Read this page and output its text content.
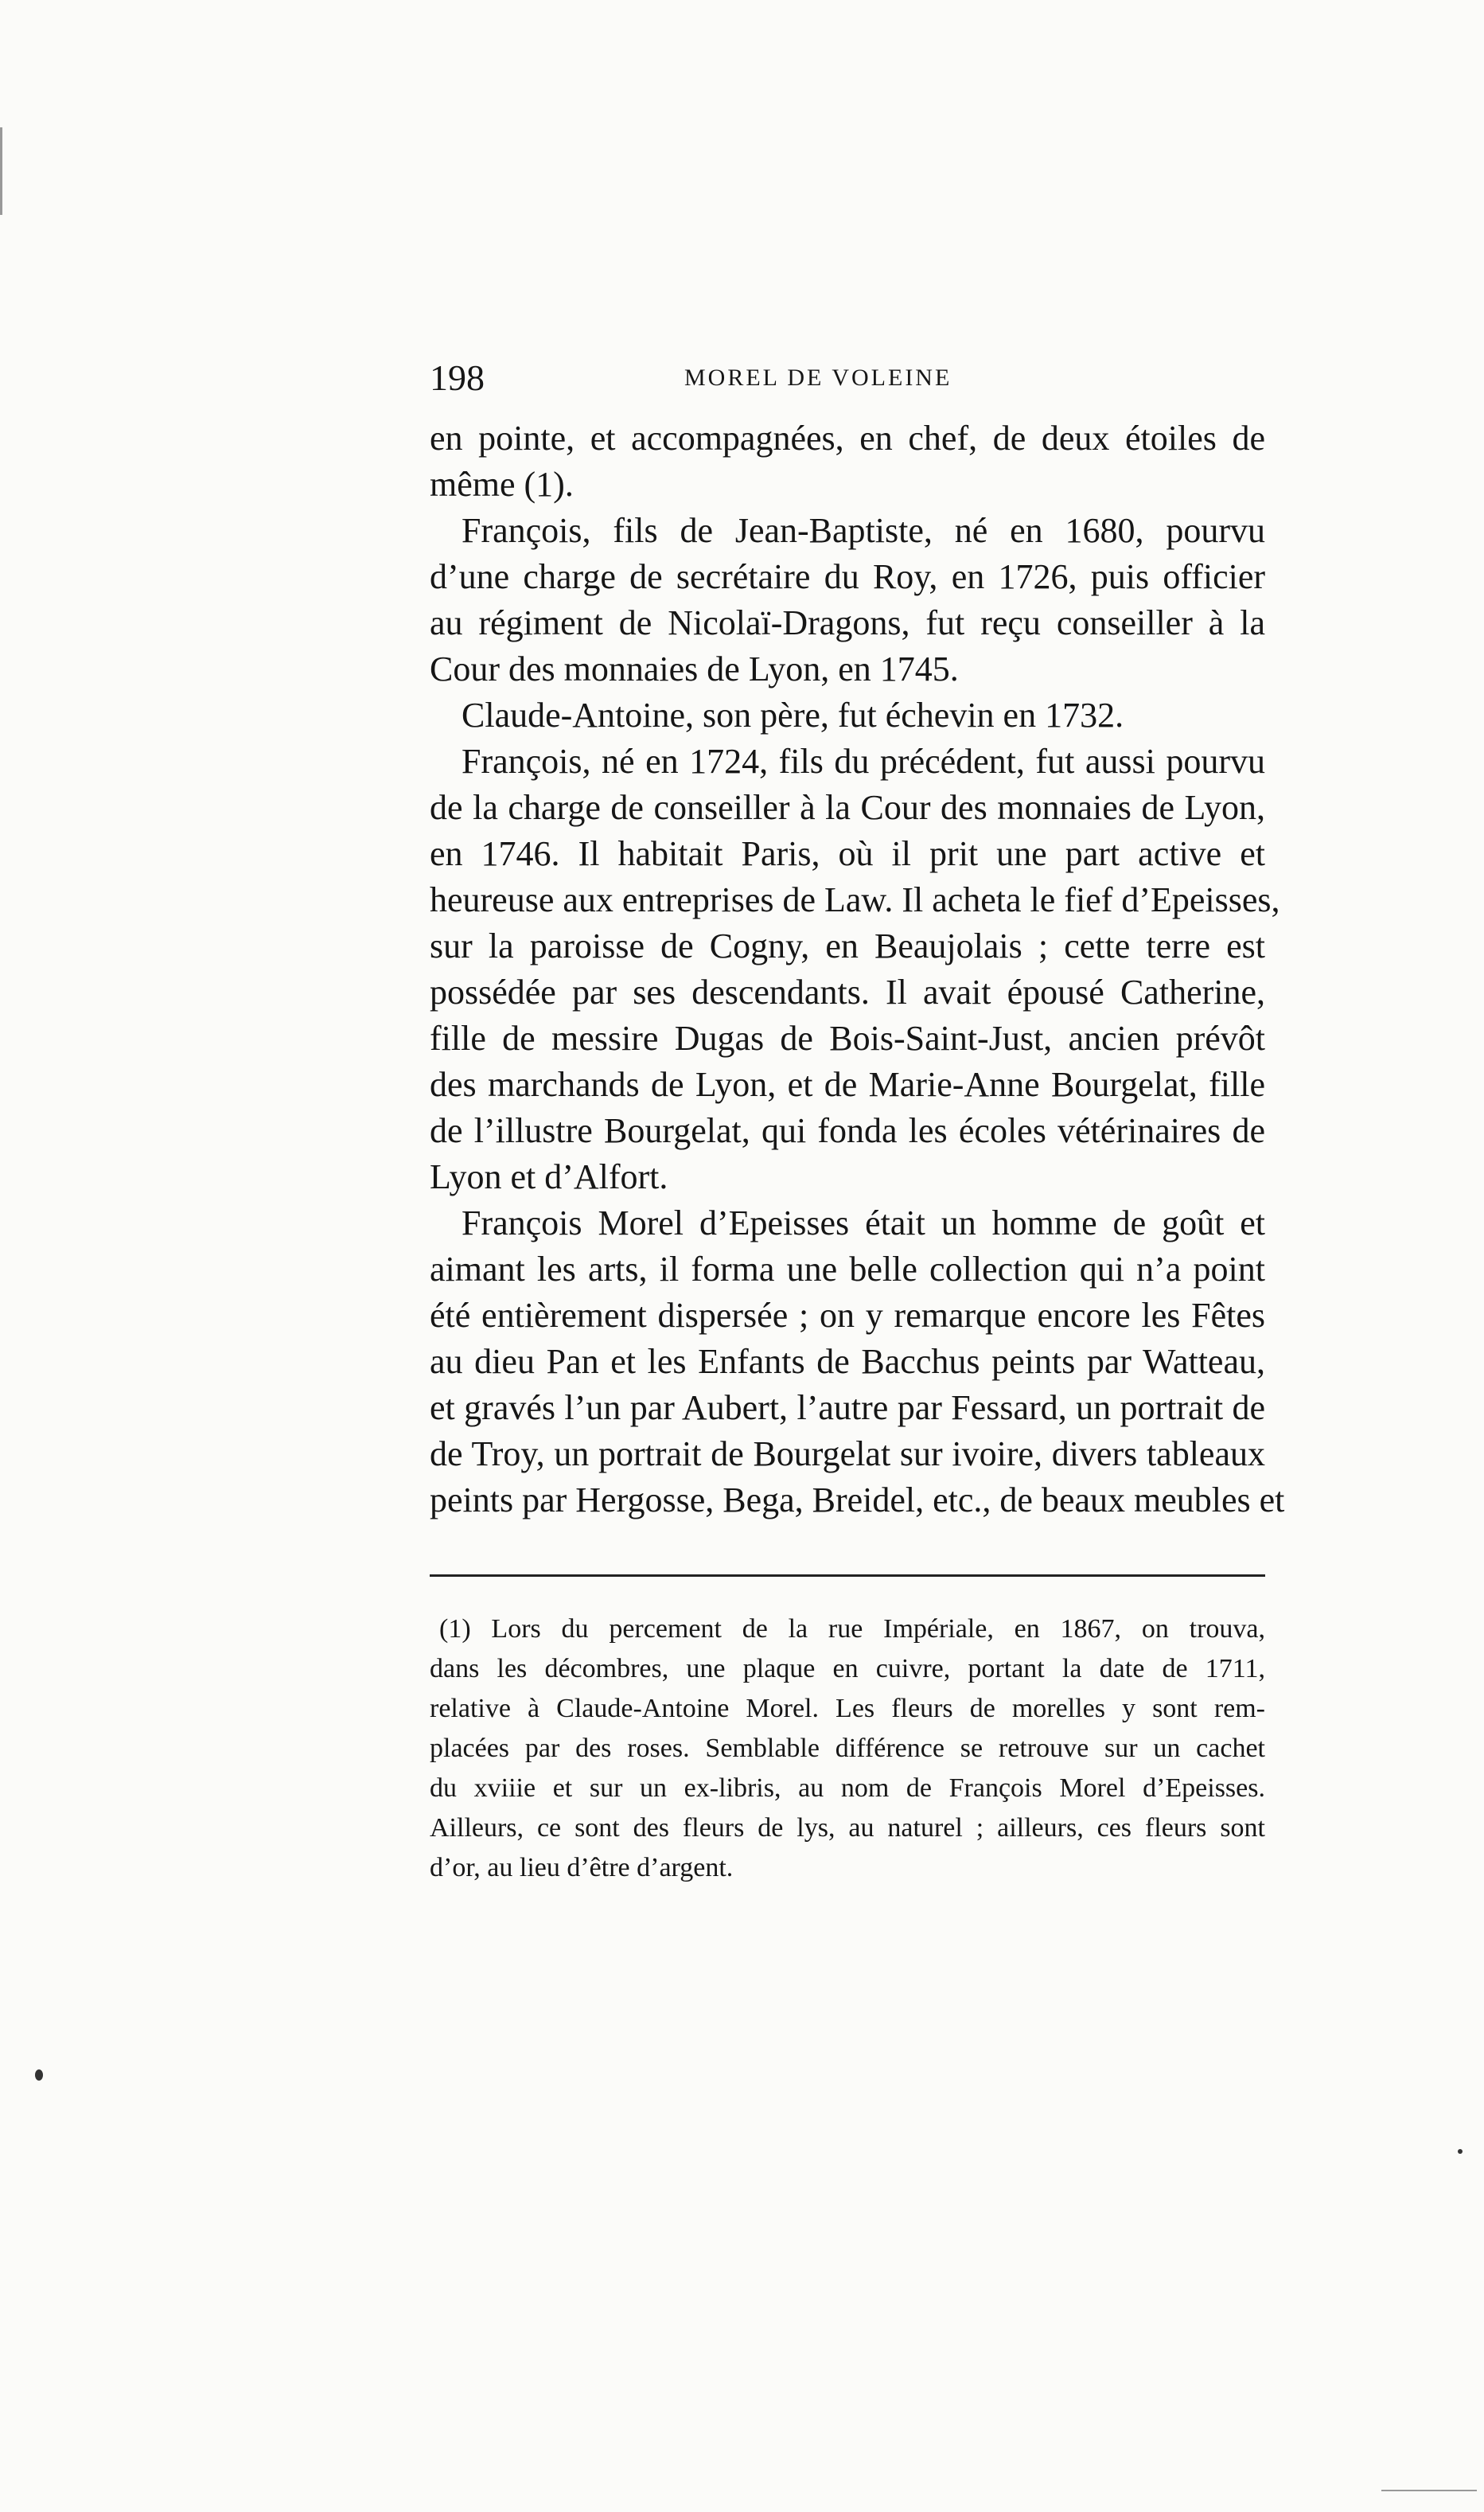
198	MOREL DE VOLEINE
en pointe, et accompagnées, en chef, de deux étoiles de
même (1).
François, fils de Jean-Baptiste, né en 1680, pourvu
d’une charge de secrétaire du Roy, en 1726, puis officier
au régiment de Nicolaï-Dragons, fut reçu conseiller à la
Cour des monnaies de Lyon, en 1745.
Claude-Antoine, son père, fut échevin en 1732.
François, né en 1724, fils du précédent, fut aussi pourvu
de la charge de conseiller à la Cour des monnaies de Lyon,
en 1746. Il habitait Paris, où il prit une part active et
heureuse aux entreprises de Law. Il acheta le fief d’Epeisses,
sur la paroisse de Cogny, en Beaujolais ; cette terre est
possédée par ses descendants. Il avait épousé Catherine,
fille de messire Dugas de Bois-Saint-Just, ancien prévôt
des marchands de Lyon, et de Marie-Anne Bourgelat, fille
de l’illustre Bourgelat, qui fonda les écoles vétérinaires de
Lyon et d’Alfort.
François Morel d’Epeisses était un homme de goût et
aimant les arts, il forma une belle collection qui n’a point
été entièrement dispersée ; on y remarque encore les Fêtes
au dieu Pan et les Enfants de Bacchus peints par Watteau,
et gravés l’un par Aubert, l’autre par Fessard, un portrait de
de Troy, un portrait de Bourgelat sur ivoire, divers tableaux
peints par Hergosse, Bega, Breidel, etc., de beaux meubles et
(1) Lors du percement de la rue Impériale, en 1867, on trouva,
dans les décombres, une plaque en cuivre, portant la date de 1711,
relative à Claude-Antoine Morel. Les fleurs de morelles y sont rem-
placées par des roses. Semblable différence se retrouve sur un cachet
du xviiie et sur un ex-libris, au nom de François Morel d’Epeisses.
Ailleurs, ce sont des fleurs de lys, au naturel ; ailleurs, ces fleurs sont
d’or, au lieu d’être d’argent.
